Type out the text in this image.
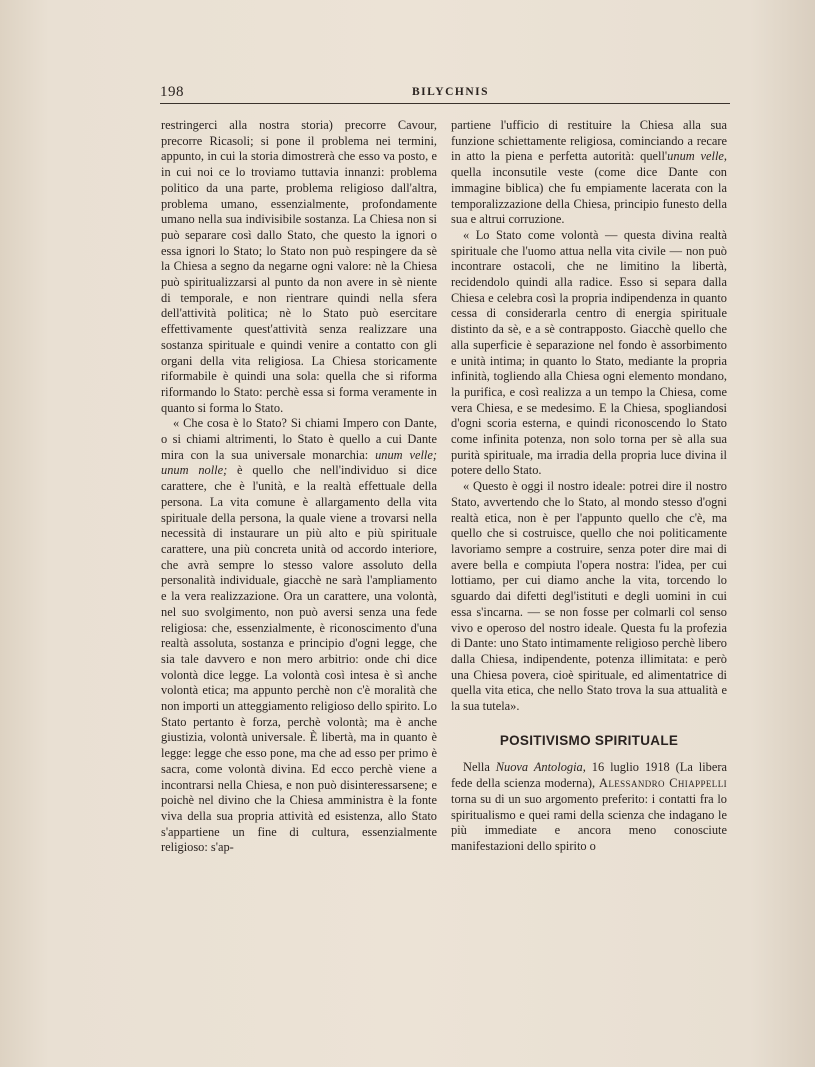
198	BILYCHNIS

restringerci alla nostra storia) precorre Cavour, precorre Ricasoli; si pone il problema nei termini, appunto, in cui la storia dimostrerà che esso va posto, e in cui noi ce lo troviamo tuttavia innanzi: problema politico da una parte, problema religioso dall'altra, problema umano, essenzialmente, profondamente umano nella sua indivisibile sostanza. La Chiesa non si può separare così dallo Stato, che questo la ignori o essa ignori lo Stato; lo Stato non può respingere da sè la Chiesa a segno da negarne ogni valore: nè la Chiesa può spiritualizzarsi al punto da non avere in sè niente di temporale, e non rientrare quindi nella sfera dell'attività politica; nè lo Stato può esercitare effettivamente quest'attività senza realizzare una sostanza spirituale e quindi venire a contatto con gli organi della vita religiosa. La Chiesa storicamente riformabile è quindi una sola: quella che si riforma riformando lo Stato: perchè essa si forma veramente in quanto si forma lo Stato.

« Che cosa è lo Stato? Si chiami Impero con Dante, o si chiami altrimenti, lo Stato è quello a cui Dante mira con la sua universale monarchia: unum velle; unum nolle; è quello che nell'individuo si dice carattere, che è l'unità, e la realtà effettuale della persona. La vita comune è allargamento della vita spirituale della persona, la quale viene a trovarsi nella necessità di instaurare un più alto e più spirituale carattere, una più concreta unità od accordo interiore, che avrà sempre lo stesso valore assoluto della personalità individuale, giacchè ne sarà l'ampliamento e la vera realizzazione. Ora un carattere, una volontà, nel suo svolgimento, non può aversi senza una fede religiosa: che, essenzialmente, è riconoscimento d'una realtà assoluta, sostanza e principio d'ogni legge, che sia tale davvero e non mero arbitrio: onde chi dice volontà dice legge. La volontà così intesa è sì anche volontà etica; ma appunto perchè non c'è moralità che non importi un atteggiamento religioso dello spirito. Lo Stato pertanto è forza, perchè volontà; ma è anche giustizia, volontà universale. È libertà, ma in quanto è legge: legge che esso pone, ma che ad esso per primo è sacra, come volontà divina. Ed ecco perchè viene a incontrarsi nella Chiesa, e non può disinteressarsene; e poichè nel divino che la Chiesa amministra è la fonte viva della sua propria attività ed esistenza, allo Stato s'appartiene un fine di cultura, essenzialmente religioso: s'ap-

partiene l'ufficio di restituire la Chiesa alla sua funzione schiettamente religiosa, cominciando a recare in atto la piena e perfetta autorità: quell'unum velle, quella inconsutile veste (come dice Dante con immagine biblica) che fu empiamente lacerata con la temporalizzazione della Chiesa, principio funesto della sua e altrui corruzione.

« Lo Stato come volontà — questa divina realtà spirituale che l'uomo attua nella vita civile — non può incontrare ostacoli, che ne limitino la libertà, recidendolo quindi alla radice. Esso si separa dalla Chiesa e celebra così la propria indipendenza in quanto cessa di considerarla centro di energia spirituale distinto da sè, e a sè contrapposto. Giacchè quello che alla superficie è separazione nel fondo è assorbimento e unità intima; in quanto lo Stato, mediante la propria infinità, togliendo alla Chiesa ogni elemento mondano, la purifica, e così realizza a un tempo la Chiesa, come vera Chiesa, e se medesimo. E la Chiesa, spogliandosi d'ogni scoria esterna, e quindi riconoscendo lo Stato come infinita potenza, non solo torna per sè alla sua purità spirituale, ma irradia della propria luce divina il potere dello Stato.

« Questo è oggi il nostro ideale: potrei dire il nostro Stato, avvertendo che lo Stato, al mondo stesso d'ogni realtà etica, non è per l'appunto quello che c'è, ma quello che si costruisce, quello che noi politicamente lavoriamo sempre a costruire, senza poter dire mai di avere bella e compiuta l'opera nostra: l'idea, per cui lottiamo, per cui diamo anche la vita, torcendo lo sguardo dai difetti degl'istituti e degli uomini in cui essa s'incarna. — se non fosse per colmarli col senso vivo e operoso del nostro ideale. Questa fu la profezia di Dante: uno Stato intimamente religioso perchè libero dalla Chiesa, indipendente, potenza illimitata: e però una Chiesa povera, cioè spirituale, ed alimentatrice di quella vita etica, che nello Stato trova la sua attualità e la sua tutela».

POSITIVISMO SPIRITUALE

Nella Nuova Antologia, 16 luglio 1918 (La libera fede della scienza moderna), Alessandro Chiappelli torna su di un suo argomento preferito: i contatti fra lo spiritualismo e quei rami della scienza che indagano le più immediate e ancora meno conosciute manifestazioni dello spirito o
